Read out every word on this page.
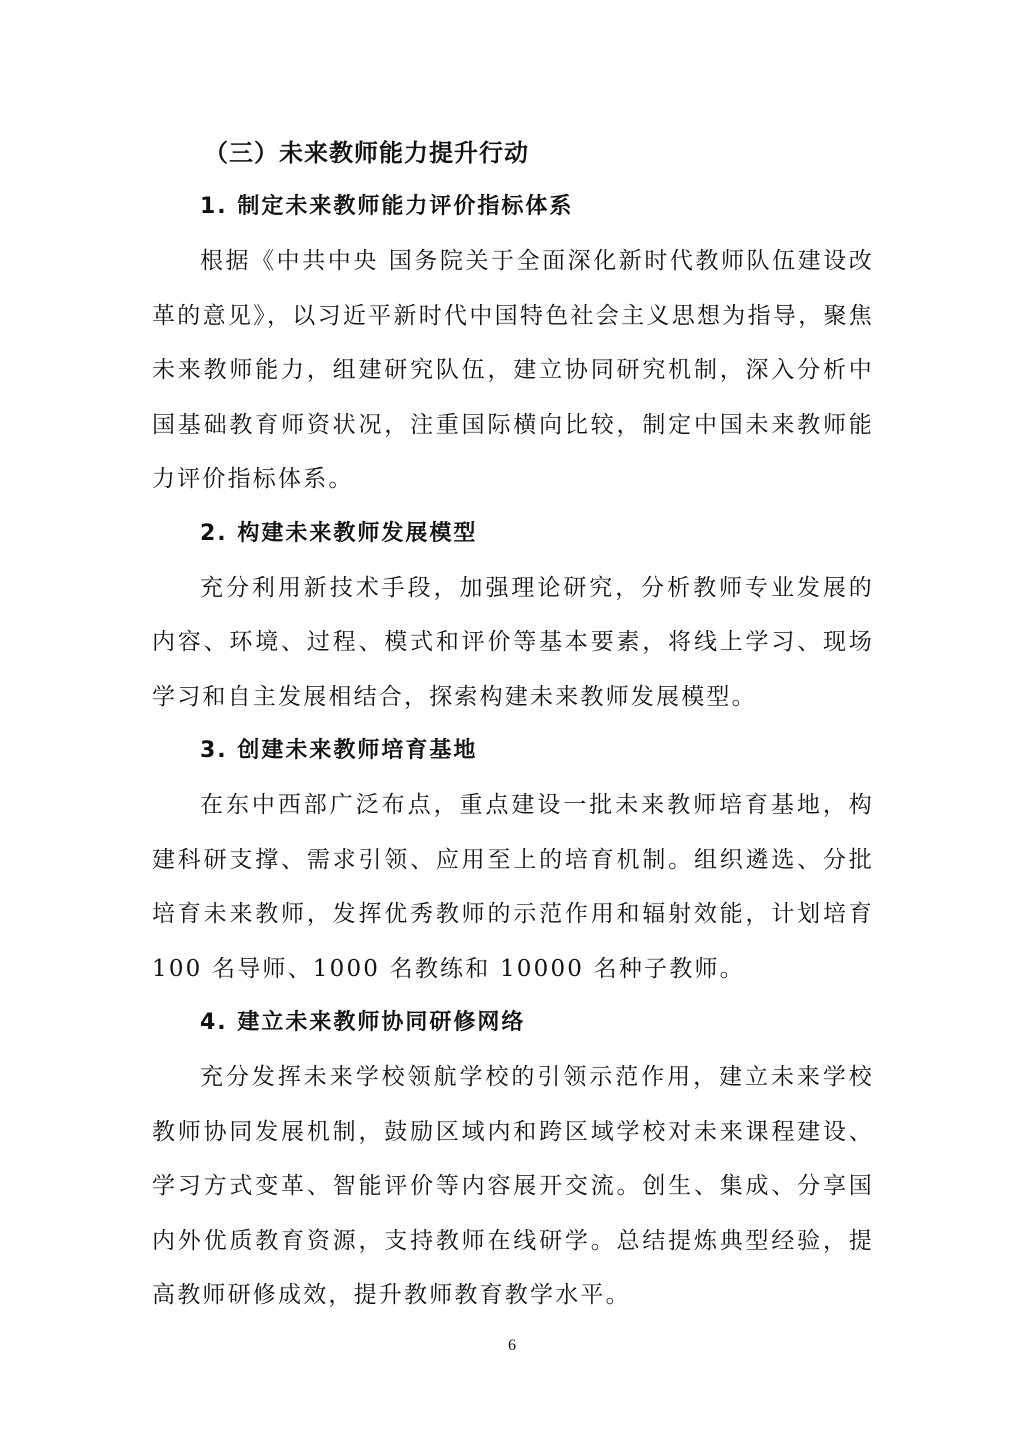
（三）未来教师能力提升行动
1. 制定未来教师能力评价指标体系

根据《中共中央 国务院关于全面深化新时代教师队伍建设改革的意见》，以习近平新时代中国特色社会主义思想为指导，聚焦未来教师能力，组建研究队伍，建立协同研究机制，深入分析中国基础教育师资状况，注重国际横向比较，制定中国未来教师能力评价指标体系。

2. 构建未来教师发展模型

充分利用新技术手段，加强理论研究，分析教师专业发展的内容、环境、过程、模式和评价等基本要素，将线上学习、现场学习和自主发展相结合，探索构建未来教师发展模型。

3. 创建未来教师培育基地

在东中西部广泛布点，重点建设一批未来教师培育基地，构建科研支撑、需求引领、应用至上的培育机制。组织遴选、分批培育未来教师，发挥优秀教师的示范作用和辐射效能，计划培育 100 名导师、1000 名教练和 10000 名种子教师。

4. 建立未来教师协同研修网络

充分发挥未来学校领航学校的引领示范作用，建立未来学校教师协同发展机制，鼓励区域内和跨区域学校对未来课程建设、学习方式变革、智能评价等内容展开交流。创生、集成、分享国内外优质教育资源，支持教师在线研学。总结提炼典型经验，提高教师研修成效，提升教师教育教学水平。

6
